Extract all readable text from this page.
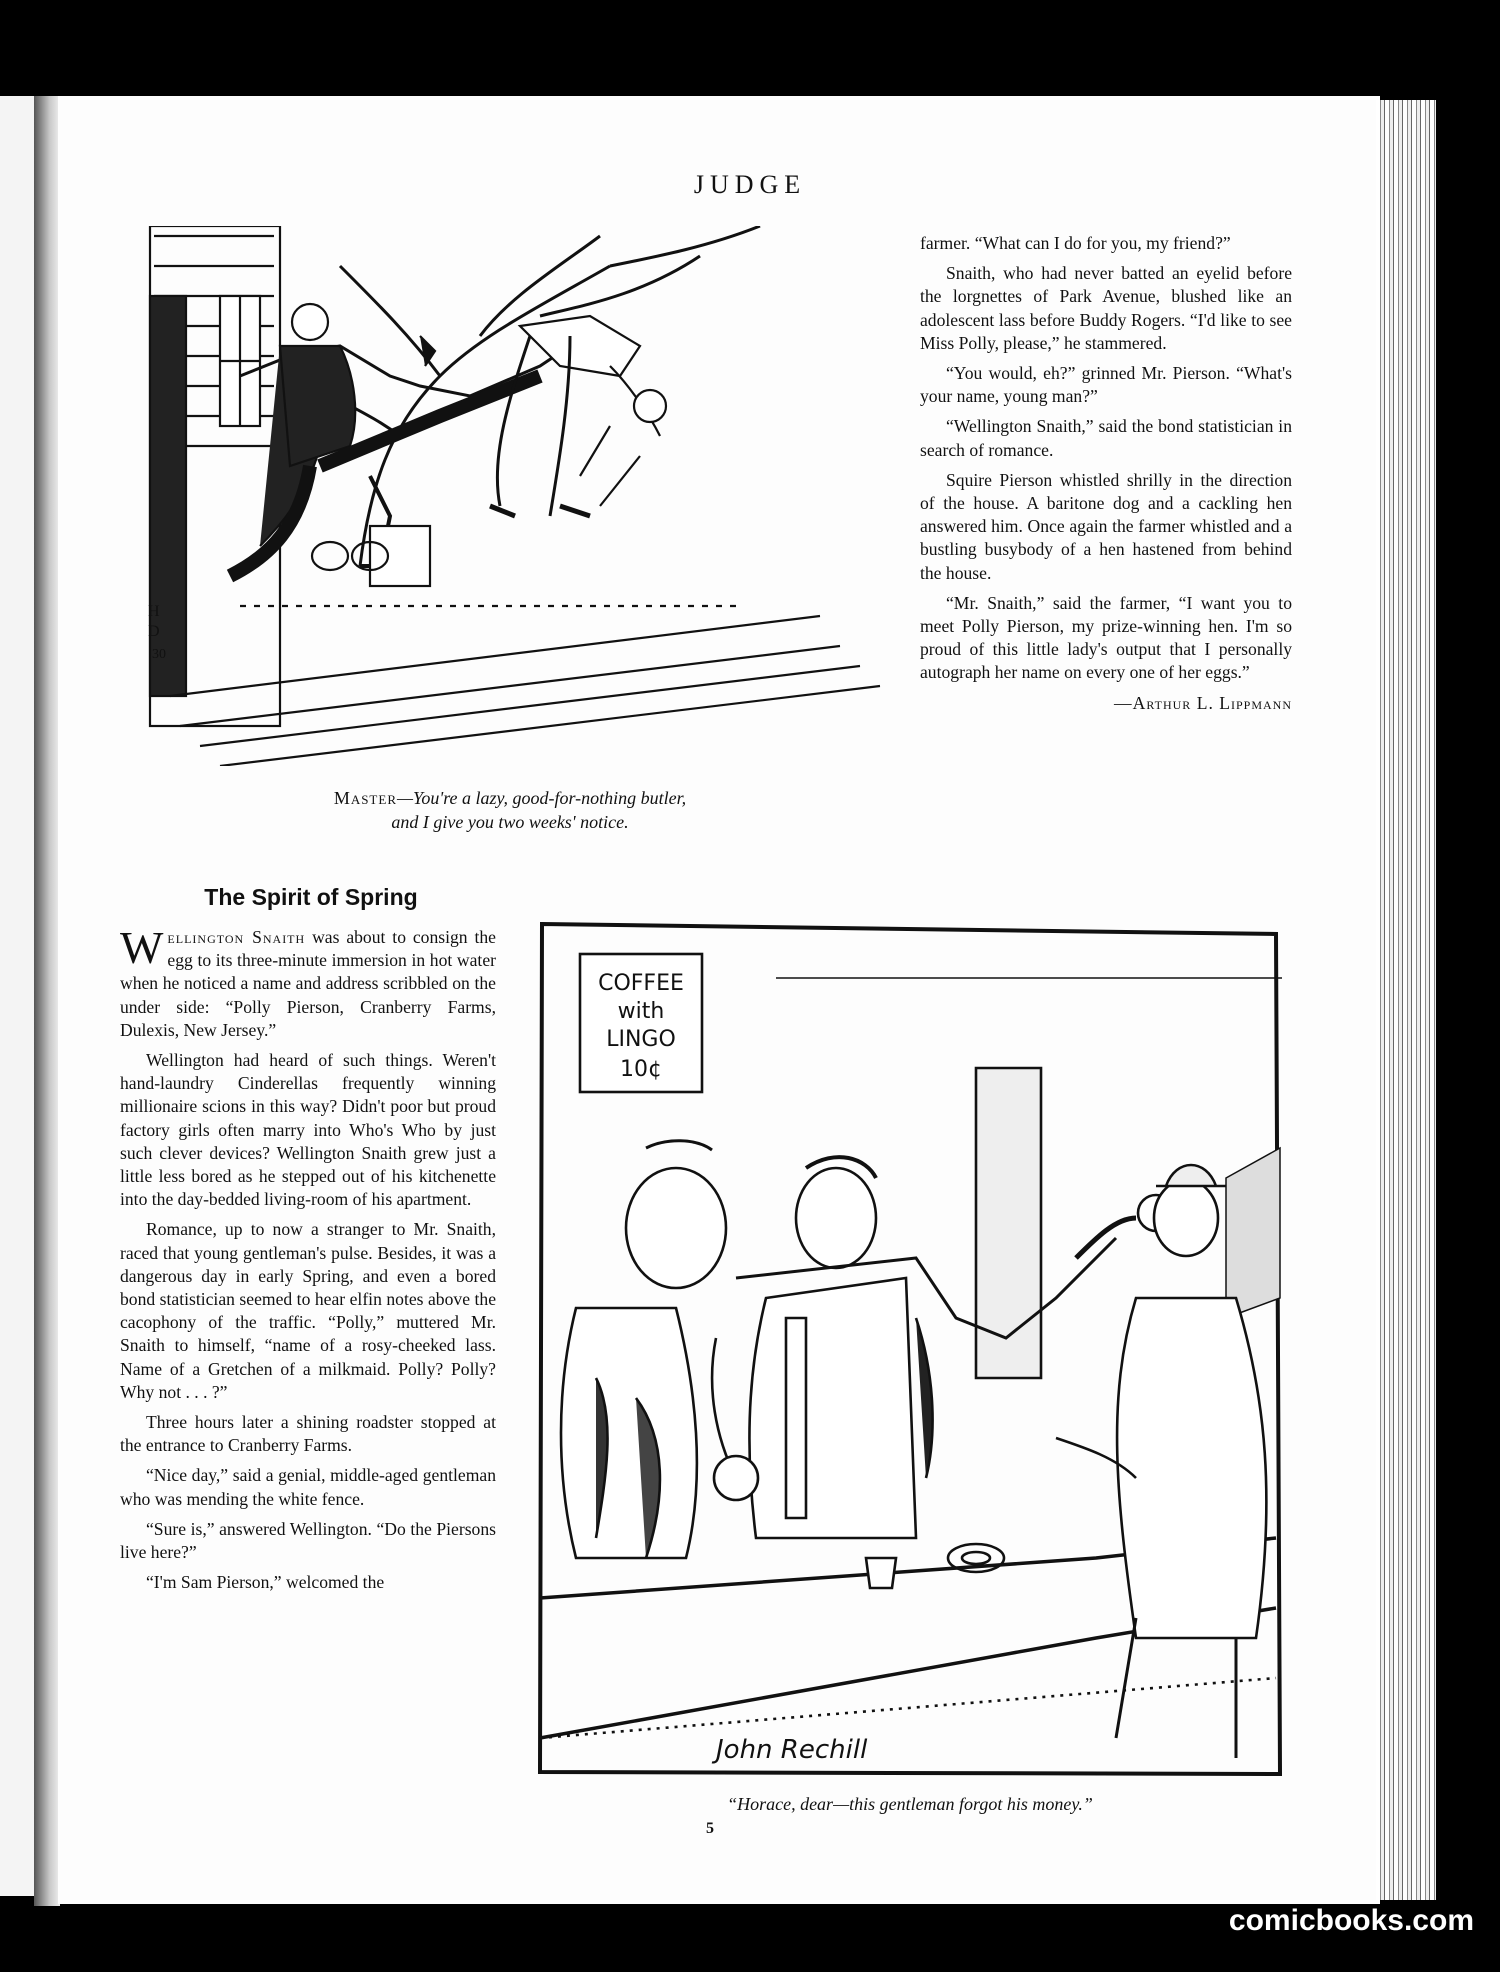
JUDGE
H
D
30
Master—You're a lazy, good-for-nothing butler,
and I give you two weeks' notice.

farmer. “What can I do for you, my friend?”

Snaith, who had never batted an eyelid before the lorgnettes of Park Avenue, blushed like an adolescent lass before Buddy Rogers. “I'd like to see Miss Polly, please,” he stammered.

“You would, eh?” grinned Mr. Pierson. “What's your name, young man?”

“Wellington Snaith,” said the bond statistician in search of romance.

Squire Pierson whistled shrilly in the direction of the house. A baritone dog and a cackling hen answered him. Once again the farmer whistled and a bustling busybody of a hen hastened from behind the house.

“Mr. Snaith,” said the farmer, “I want you to meet Polly Pierson, my prize-winning hen. I'm so proud of this little lady's output that I personally autograph her name on every one of her eggs.”

—Arthur L. Lippmann
The Spirit of Spring

Wellington Snaith was about to consign the egg to its three-minute immersion in hot water when he noticed a name and address scribbled on the under side: “Polly Pierson, Cranberry Farms, Dulexis, New Jersey.”

Wellington had heard of such things. Weren't hand-laundry Cinderellas frequently winning millionaire scions in this way? Didn't poor but proud factory girls often marry into Who's Who by just such clever devices? Wellington Snaith grew just a little less bored as he stepped out of his kitchenette into the day-bedded living-room of his apartment.

Romance, up to now a stranger to Mr. Snaith, raced that young gentleman's pulse. Besides, it was a dangerous day in early Spring, and even a bored bond statistician seemed to hear elfin notes above the cacophony of the traffic. “Polly,” muttered Mr. Snaith to himself, “name of a rosy-cheeked lass. Name of a Gretchen of a milkmaid. Polly? Polly? Why not . . . ?”

Three hours later a shining roadster stopped at the entrance to Cranberry Farms.

“Nice day,” said a genial, middle-aged gentleman who was mending the white fence.

“Sure is,” answered Wellington. “Do the Piersons live here?”

“I'm Sam Pierson,” welcomed the

COFFEE
with
LINGO
10¢
John Rechill
“Horace, dear—this gentleman forgot his money.”
5
comicbooks.com
